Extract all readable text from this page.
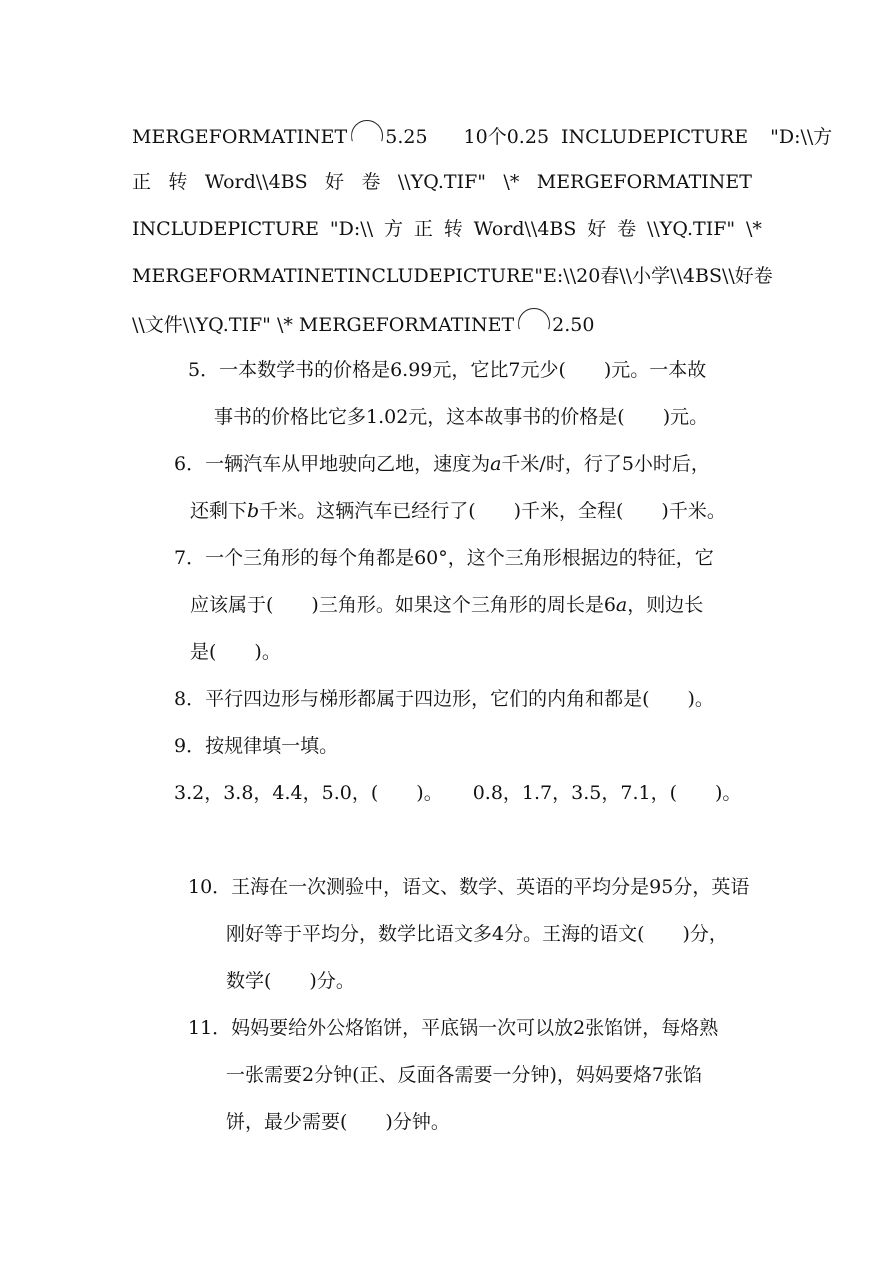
MERGEFORMATINET 5.25 10个0.25 INCLUDEPICTURE "D:\\方
正 转 Word\\4BS 好 卷 \\YQ.TIF" \* MERGEFORMATINET
INCLUDEPICTURE "D:\\ 方 正 转 Word\\4BS 好 卷 \\YQ.TIF" \*
MERGEFORMATINET INCLUDEPICTURE "E:\\20春\\小学\\4BS\\好卷
\\文件\\YQ.TIF" \* MERGEFORMATINET 2.50
5．一本数学书的价格是6.99元，它比7元少(　　)元。一本故
事书的价格比它多1.02元，这本故事书的价格是(　　)元。
6．一辆汽车从甲地驶向乙地，速度为a千米/时，行了5小时后，
还剩下b千米。这辆汽车已经行了(　　)千米，全程(　　)千米。
7．一个三角形的每个角都是60°，这个三角形根据边的特征，它
应该属于(　　)三角形。如果这个三角形的周长是6a，则边长
是(　　)。
8．平行四边形与梯形都属于四边形，它们的内角和都是(　　)。
9．按规律填一填。
3.2，3.8，4.4，5.0，(　　)。 0.8，1.7，3.5，7.1，(　　)。
10．王海在一次测验中，语文、数学、英语的平均分是95分，英语
刚好等于平均分，数学比语文多4分。王海的语文(　　)分，
数学(　　)分。
11．妈妈要给外公烙馅饼，平底锅一次可以放2张馅饼，每烙熟
一张需要2分钟(正、反面各需要一分钟)，妈妈要烙7张馅
饼，最少需要(　　)分钟。
